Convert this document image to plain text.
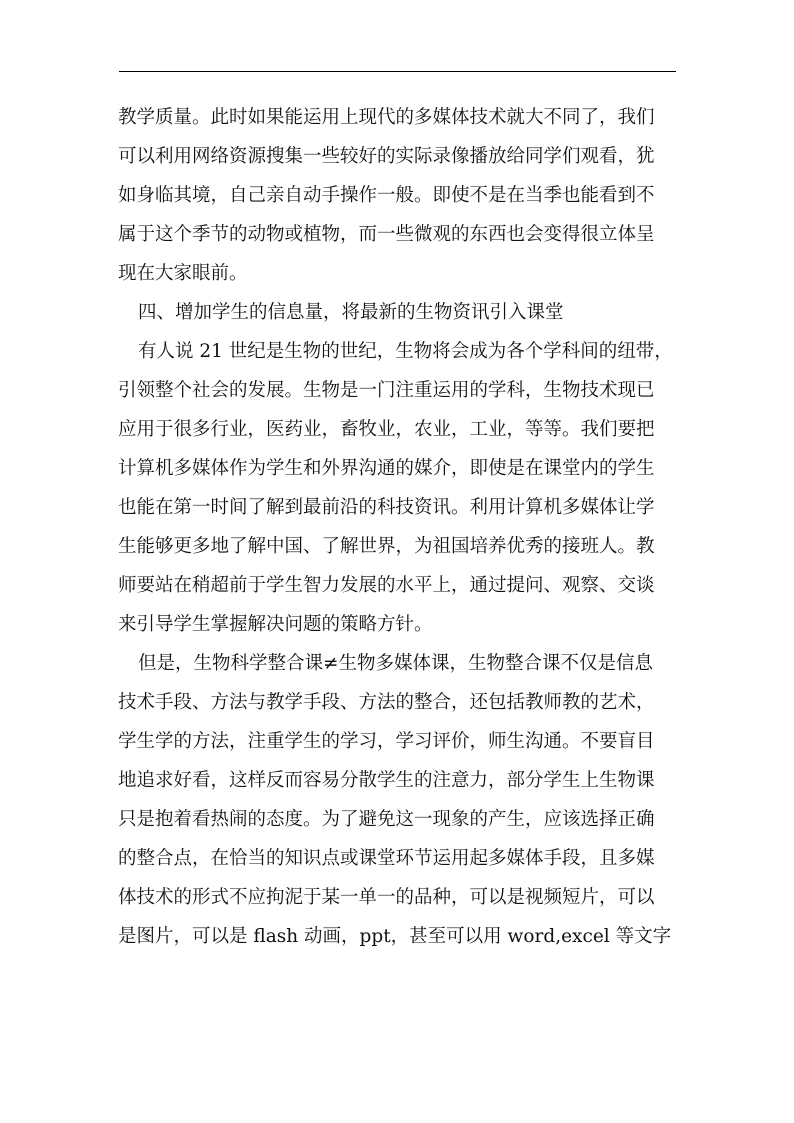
教学质量。此时如果能运用上现代的多媒体技术就大不同了，我们
可以利用网络资源搜集一些较好的实际录像播放给同学们观看，犹
如身临其境，自己亲自动手操作一般。即使不是在当季也能看到不
属于这个季节的动物或植物，而一些微观的东西也会变得很立体呈
现在大家眼前。
四、增加学生的信息量，将最新的生物资讯引入课堂
有人说 21 世纪是生物的世纪，生物将会成为各个学科间的纽带，
引领整个社会的发展。生物是一门注重运用的学科，生物技术现已
应用于很多行业，医药业，畜牧业，农业，工业，等等。我们要把
计算机多媒体作为学生和外界沟通的媒介，即使是在课堂内的学生
也能在第一时间了解到最前沿的科技资讯。利用计算机多媒体让学
生能够更多地了解中国、了解世界，为祖国培养优秀的接班人。教
师要站在稍超前于学生智力发展的水平上，通过提问、观察、交谈
来引导学生掌握解决问题的策略方针。
但是，生物科学整合课≠生物多媒体课，生物整合课不仅是信息
技术手段、方法与教学手段、方法的整合，还包括教师教的艺术，
学生学的方法，注重学生的学习，学习评价，师生沟通。不要盲目
地追求好看，这样反而容易分散学生的注意力，部分学生上生物课
只是抱着看热闹的态度。为了避免这一现象的产生，应该选择正确
的整合点，在恰当的知识点或课堂环节运用起多媒体手段，且多媒
体技术的形式不应拘泥于某一单一的品种，可以是视频短片，可以
是图片，可以是 flash 动画，ppt，甚至可以用 word,excel 等文字
